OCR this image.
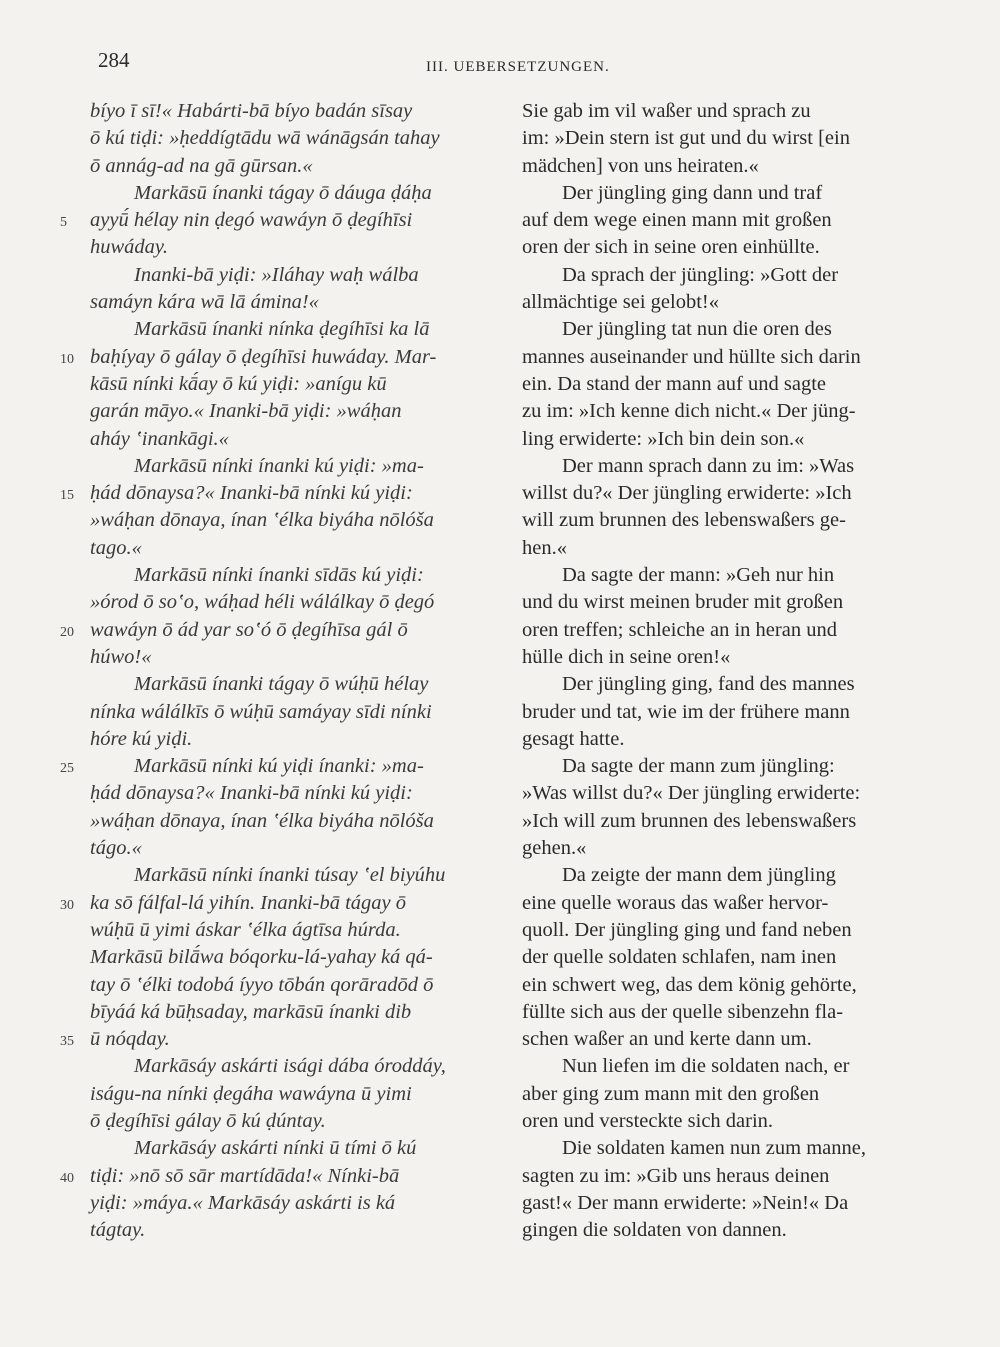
284	III. UEBERSETZUNGEN.
bíyo ī sī!« Habárti-bā bíyo badán sīsay
ō kú tiḍi: »ḥeddígtādu wā wánāgsán tahay
ō annág-ad na gā gūrsan.«
Markāsū ínanki tágay ō dáuga ḍáḥa
5 ayyū́ hélay nin ḍegó wawáyn ō ḍegíhīsi
huwáday.
Inanki-bā yiḍi: »Iláhay waḥ wálba
samáyn kára wā lā ámina!«
Markāsū ínanki nínka ḍegíhīsi ka lā
10 baḥíyay ō gálay ō ḍegíhīsi huwáday. Mar-
kāsū nínki kā́ay ō kú yiḍi: »anígu kū
garán māyo.« Inanki-bā yiḍi: »wáḥan
aháy ʽinankāgi.«
Markāsū nínki ínanki kú yiḍi: »ma-
15 ḥád dōnaysa?« Inanki-bā nínki kú yiḍi:
»wáḥan dōnaya, ínan ʽélka biyáha nōlóša
tago.«
Markāsū nínki ínanki sīdās kú yiḍi:
»órod ō soʽo, wáḥad héli wálálkay ō ḍegó
20 wawáyn ō ád yar soʽó ō ḍegíhīsa gál ō
húwo!«
Markāsū ínanki tágay ō wúḥū hélay
nínka wálálkīs ō wúḥū samáyay sīdi nínki
hóre kú yiḍi.
25	Markāsū nínki kú yiḍi ínanki: »ma-
ḥád dōnaysa?« Inanki-bā nínki kú yiḍi:
»wáḥan dōnaya, ínan ʽélka biyáha nōlóša
tágo.«
Markāsū nínki ínanki túsay ʽel biyúhu
30 ka sō fálfal-lá yihín. Inanki-bā tágay ō
wúḥū ū yimi áskar ʽélka ágtīsa húrda.
Markāsū bilā́wa bóqorku-lá-yahay ká qá-
tay ō ʽélki todobá íyyo tōbán qorāradōd ō
bīyáá ká būḥsaday, markāsū ínanki dib
35 ū nóqday.
Markāsáy askárti isági dába óroddáy,
iságu-na nínki ḍegáha wawáyna ū yimi
ō ḍegíhīsi gálay ō kú ḍúntay.
Markāsáy askárti nínki ū tími ō kú
40 tiḍi: »nō sō sār martídāda!« Nínki-bā
yiḍi: »máya.« Markāsáy askárti is ká
tágtay.
Sie gab im vil waßer und sprach zu
im: »Dein stern ist gut und du wirst [ein
mädchen] von uns heiraten.«
Der jüngling ging dann und traf
auf dem wege einen mann mit großen
oren der sich in seine oren einhüllte.
Da sprach der jüngling: »Gott der
allmächtige sei gelobt!«
Der jüngling tat nun die oren des
mannes auseinander und hüllte sich darin
ein. Da stand der mann auf und sagte
zu im: »Ich kenne dich nicht.« Der jüng-
ling erwiderte: »Ich bin dein son.«
Der mann sprach dann zu im: »Was
willst du?« Der jüngling erwiderte: »Ich
will zum brunnen des lebenswaßers ge-
hen.«
Da sagte der mann: »Geh nur hin
und du wirst meinen bruder mit großen
oren treffen; schleiche an in heran und
hülle dich in seine oren!«
Der jüngling ging, fand des mannes
bruder und tat, wie im der frühere mann
gesagt hatte.
Da sagte der mann zum jüngling:
»Was willst du?« Der jüngling erwiderte:
»Ich will zum brunnen des lebenswaßers
gehen.«
Da zeigte der mann dem jüngling
eine quelle woraus das waßer hervor-
quoll. Der jüngling ging und fand neben
der quelle soldaten schlafen, nam inen
ein schwert weg, das dem könig gehörte,
füllte sich aus der quelle sibenzehn fla-
schen waßer an und kerte dann um.
Nun liefen im die soldaten nach, er
aber ging zum mann mit den großen
oren und versteckte sich darin.
Die soldaten kamen nun zum manne,
sagten zu im: »Gib uns heraus deinen
gast!« Der mann erwiderte: »Nein!« Da
gingen die soldaten von dannen.
